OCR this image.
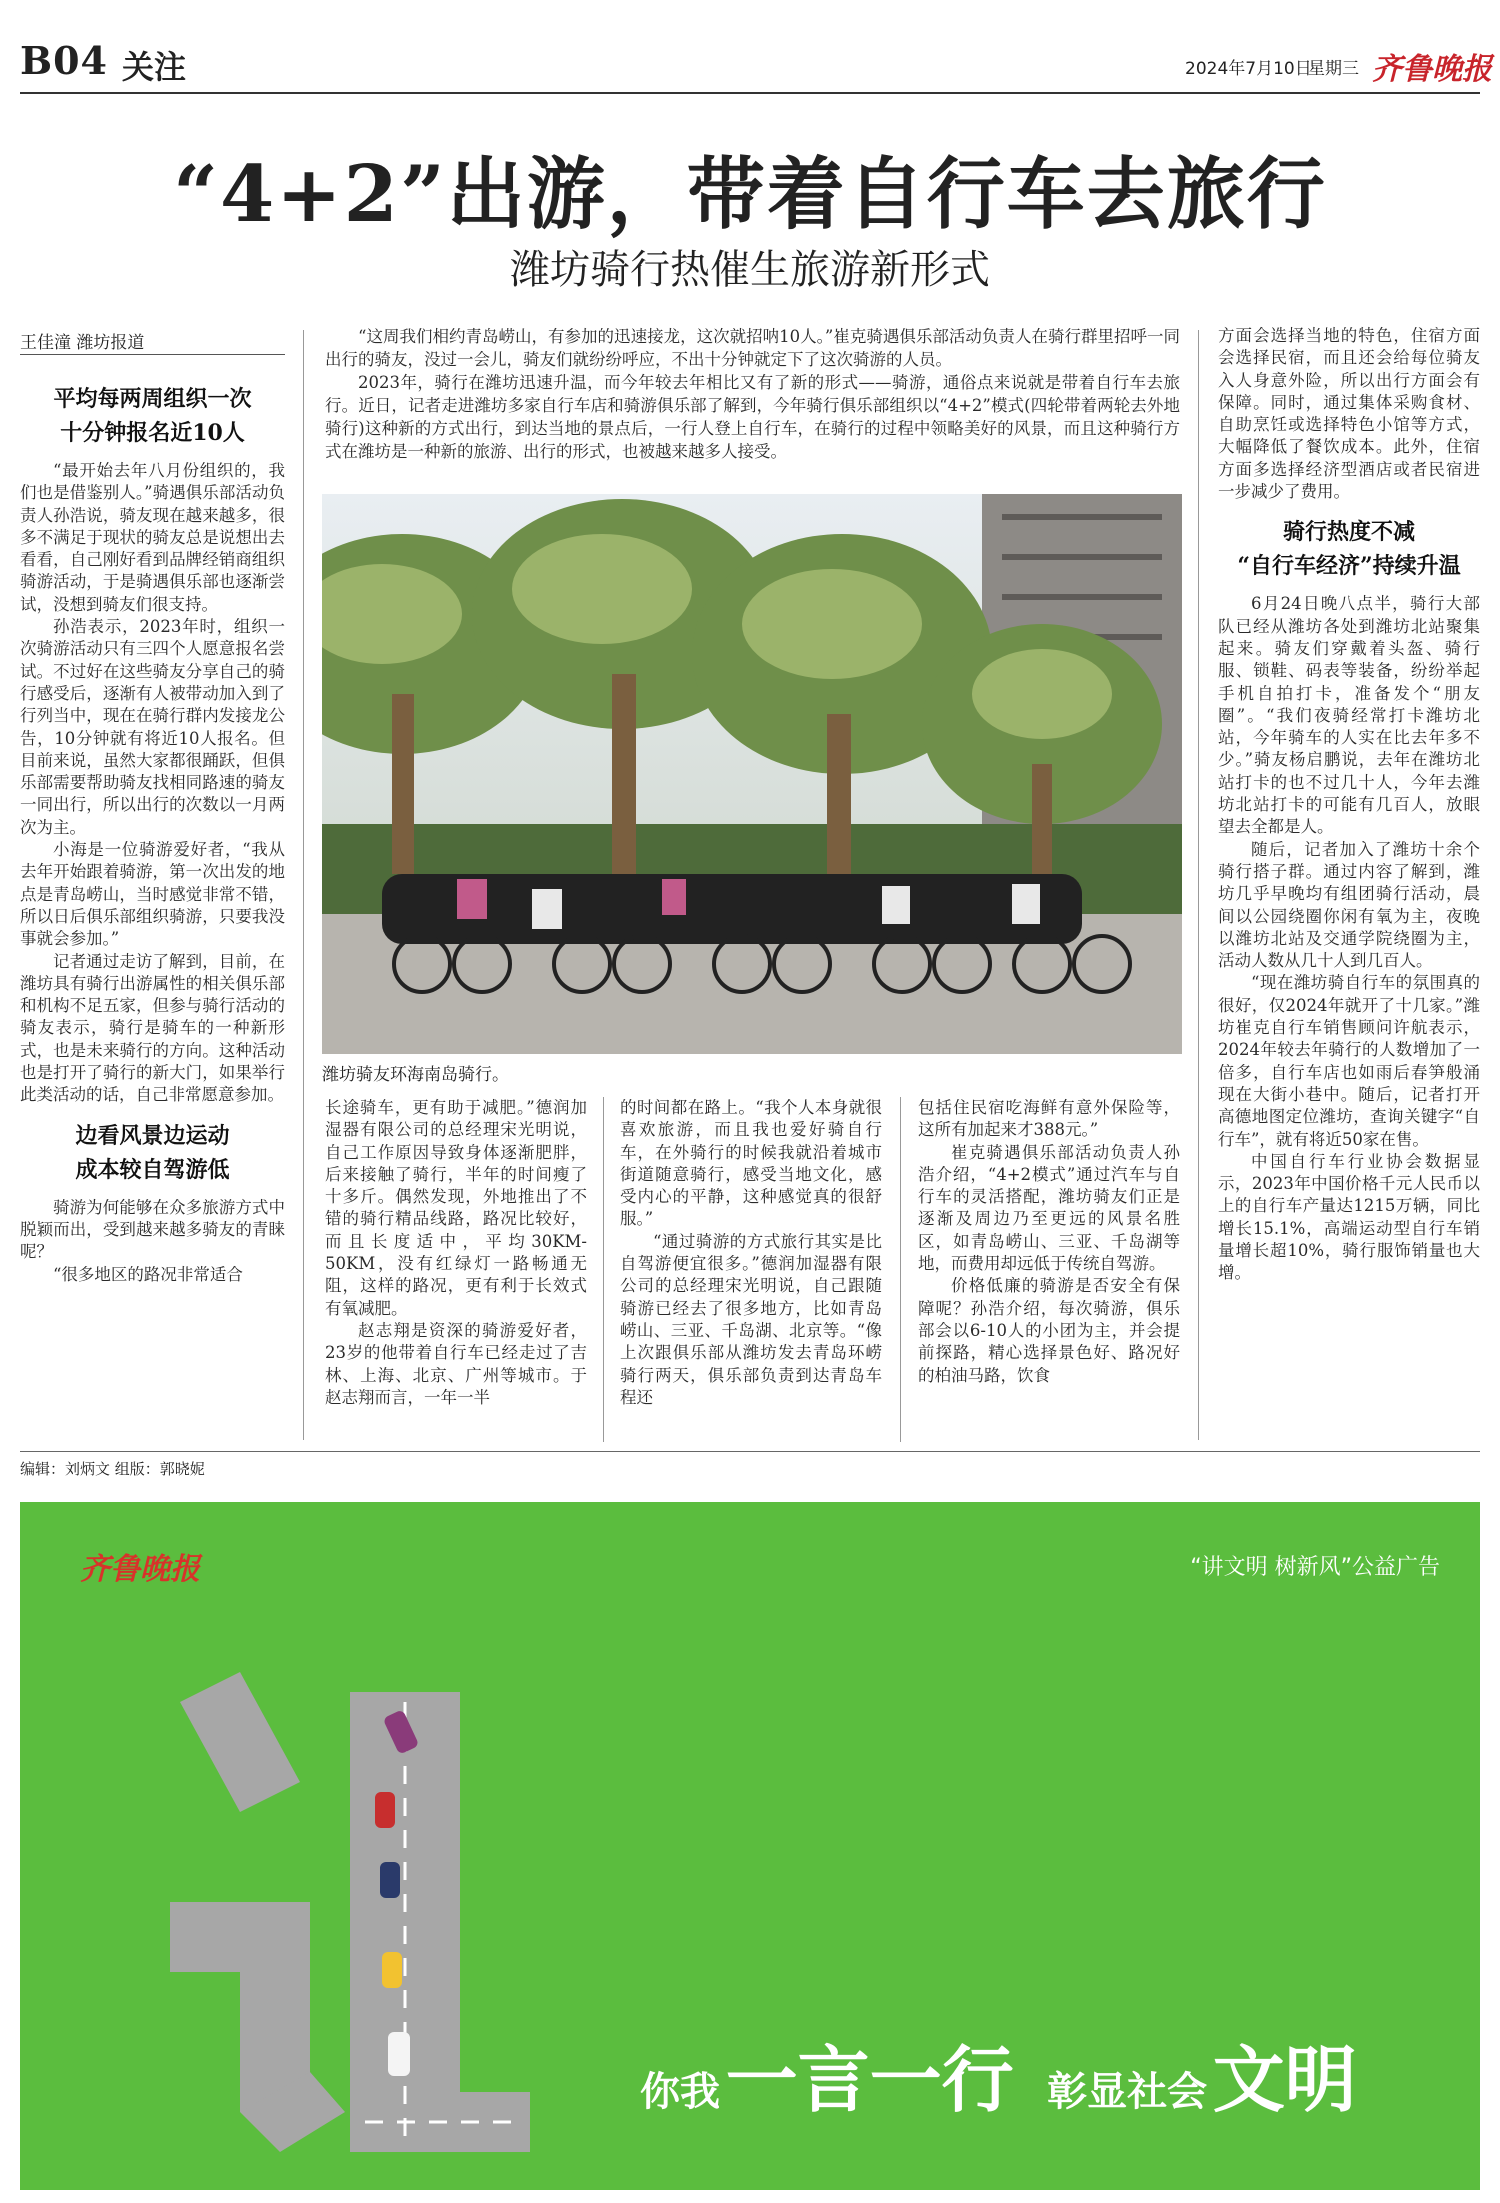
B04 关注	2024年7月10日
星期三 齐鲁晚报
“4+2”出游，带着自行车去旅行
潍坊骑行热催生旅游新形式
王佳潼 潍坊报道
平均每两周组织一次
十分钟报名近10人

“最开始去年八月份组织的，我们也是借鉴别人。”骑遇俱乐部活动负责人孙浩说，骑友现在越来越多，很多不满足于现状的骑友总是说想出去看看，自己刚好看到品牌经销商组织骑游活动，于是骑遇俱乐部也逐渐尝试，没想到骑友们很支持。

孙浩表示，2023年时，组织一次骑游活动只有三四个人愿意报名尝试。不过好在这些骑友分享自己的骑行感受后，逐渐有人被带动加入到了行列当中，现在在骑行群内发接龙公告，10分钟就有将近10人报名。但目前来说，虽然大家都很踊跃，但俱乐部需要帮助骑友找相同路速的骑友一同出行，所以出行的次数以一月两次为主。

小海是一位骑游爱好者，“我从去年开始跟着骑游，第一次出发的地点是青岛崂山，当时感觉非常不错，所以日后俱乐部组织骑游，只要我没事就会参加。”

记者通过走访了解到，目前，在潍坊具有骑行出游属性的相关俱乐部和机构不足五家，但参与骑行活动的骑友表示，骑行是骑车的一种新形式，也是未来骑行的方向。这种活动也是打开了骑行的新大门，如果举行此类活动的话，自己非常愿意参加。

边看风景边运动
成本较自驾游低

骑游为何能够在众多旅游方式中脱颖而出，受到越来越多骑友的青睐呢？

“很多地区的路况非常适合

“这周我们相约青岛崂山，有参加的迅速接龙，这次就招呐10人。”崔克骑遇俱乐部活动负责人在骑行群里招呼一同出行的骑友，没过一会儿，骑友们就纷纷呼应，不出十分钟就定下了这次骑游的人员。

2023年，骑行在潍坊迅速升温，而今年较去年相比又有了新的形式——骑游，通俗点来说就是带着自行车去旅行。近日，记者走进潍坊多家自行车店和骑游俱乐部了解到，今年骑行俱乐部组织以“4+2”模式(四轮带着两轮去外地骑行)这种新的方式出行，到达当地的景点后，一行人登上自行车，在骑行的过程中领略美好的风景，而且这种骑行方式在潍坊是一种新的旅游、出行的形式，也被越来越多人接受。

潍坊骑友环海南岛骑行。

长途骑车，更有助于减肥。”德润加湿器有限公司的总经理宋光明说，自己工作原因导致身体逐渐肥胖，后来接触了骑行，半年的时间瘦了十多斤。偶然发现，外地推出了不错的骑行精品线路，路况比较好，而且长度适中，平均30KM-50KM，没有红绿灯一路畅通无阻，这样的路况，更有利于长效式有氧减肥。

赵志翔是资深的骑游爱好者，23岁的他带着自行车已经走过了吉林、上海、北京、广州等城市。于赵志翔而言，一年一半

的时间都在路上。“我个人本身就很喜欢旅游，而且我也爱好骑自行车，在外骑行的时候我就沿着城市街道随意骑行，感受当地文化，感受内心的平静，这种感觉真的很舒服。”

“通过骑游的方式旅行其实是比自驾游便宜很多。”德润加湿器有限公司的总经理宋光明说，自己跟随骑游已经去了很多地方，比如青岛崂山、三亚、千岛湖、北京等。“像上次跟俱乐部从潍坊发去青岛环崂骑行两天，俱乐部负责到达青岛车程还

包括住民宿吃海鲜有意外保险等，这所有加起来才388元。”

崔克骑遇俱乐部活动负责人孙浩介绍，“4+2模式”通过汽车与自行车的灵活搭配，潍坊骑友们正是逐渐及周边乃至更远的风景名胜区，如青岛崂山、三亚、千岛湖等地，而费用却远低于传统自驾游。

价格低廉的骑游是否安全有保障呢？孙浩介绍，每次骑游，俱乐部会以6-10人的小团为主，并会提前探路，精心选择景色好、路况好的柏油马路，饮食

方面会选择当地的特色，住宿方面会选择民宿，而且还会给每位骑友入人身意外险，所以出行方面会有保障。同时，通过集体采购食材、自助烹饪或选择特色小馆等方式，大幅降低了餐饮成本。此外，住宿方面多选择经济型酒店或者民宿进一步减少了费用。

骑行热度不减
“自行车经济”持续升温

6月24日晚八点半，骑行大部队已经从潍坊各处到潍坊北站聚集起来。骑友们穿戴着头盔、骑行服、锁鞋、码表等装备，纷纷举起手机自拍打卡，准备发个“朋友圈”。“我们夜骑经常打卡潍坊北站，今年骑车的人实在比去年多不少。”骑友杨启鹏说，去年在潍坊北站打卡的也不过几十人，今年去潍坊北站打卡的可能有几百人，放眼望去全都是人。

随后，记者加入了潍坊十余个骑行搭子群。通过内容了解到，潍坊几乎早晚均有组团骑行活动，晨间以公园绕圈你闲有氧为主，夜晚以潍坊北站及交通学院绕圈为主，活动人数从几十人到几百人。

“现在潍坊骑自行车的氛围真的很好，仅2024年就开了十几家。”潍坊崔克自行车销售顾问许航表示，2024年较去年骑行的人数增加了一倍多，自行车店也如雨后春笋般涌现在大街小巷中。随后，记者打开高德地图定位潍坊，查询关键字“自行车”，就有将近50家在售。

中国自行车行业协会数据显示，2023年中国价格千元人民币以上的自行车产量达1215万辆，同比增长15.1%，高端运动型自行车销量增长超10%，骑行服饰销量也大增。

编辑：刘炳文 组版：郭晓妮
齐鲁晚报	“讲文明 树新风”公益广告
让
你我 一言一行 彰显社会 文明
